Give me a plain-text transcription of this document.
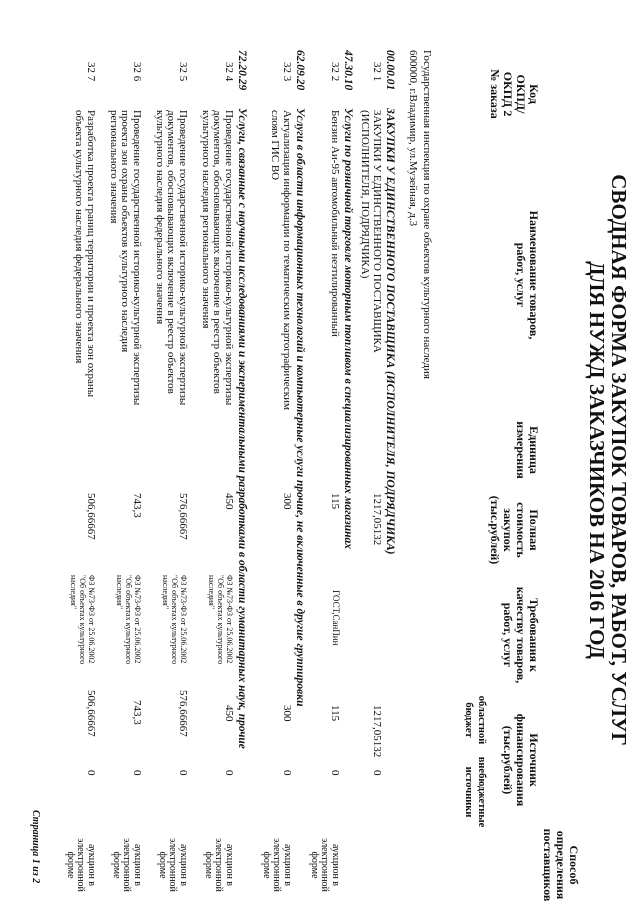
СВОДНАЯ ФОРМА ЗАКУПОК ТОВАРОВ, РАБОТ, УСЛУГ
ДЛЯ НУЖД ЗАКАЗЧИКОВ НА 2016 ГОД
Код
ОКПД/
ОКПД 2
№ заказа
Наименование товаров,
работ, услуг
Единица
измерения
Полная
стоимость
закупок
(тыс.рублей)
Требования к
качеству товаров,
работ, услуг
Источник
финансирования
(тыс.рублей)
областной
бюджет
внебюджетные
источники
Способ
определения
поставщиков
Государственная инспекция по охране объектов культурного наследия
600000, г.Владимир, ул.Музейная, д.3
00.00.01
ЗАКУПКИ У ЕДИНСТВЕННОГО ПОСТАВЩИКА (ИСПОЛНИТЕЛЯ, ПОДРЯДЧИКА)
32 1
ЗАКУПКИ У ЕДИНСТВЕННОГО ПОСТАВЩИКА
(ИСПОЛНИТЕЛЯ, ПОДРЯДЧИКА)
1217,05132
1217,05132
0
47.30.10
Услуги по розничной торговле моторным топливом в специализированных магазинах
32 2
Бензин Аи-95 автомобильный неэтилированный
115
ГОСТ,СанПин
115
0
аукцион в
электронной
форме
62.09.20
Услуги в области информационных технологий и компьютерные услуги прочие, не включенные в другие группировки
32 3
Актуализация информации по тематическим картографическим
слоям ГИС ВО
300
300
0
аукцион в
электронной
форме
72.20.29
Услуги, связанные с научными исследованиями и экспериментальными разработками в области гуманитарных наук, прочие
32 4
Проведение государственной историко-культурной экспертизы
документов, обосновывающих включение в реестр объектов
культурного наследия регионального значения
450
ФЗ №73-ФЗ от 25.06.2002
"Об объектах культурного
наследия"
450
0
аукцион в
электронной
форме
32 5
Проведение государственной историко-культурной экспертизы
документов, обосновывающих включение в реестр объектов
культурного наследия федерального значения
576,66667
ФЗ №73-ФЗ от 25.06.2002
"Об объектах культурного
наследия"
576,66667
0
аукцион в
электронной
форме
32 6
Проведение государственной историко-культурной экспертизы
проекта зон охраны объектов культурного наследия
регионального значения
743,3
ФЗ №73-ФЗ от 25.06.2002
"Об объектах культурного
наследия"
743,3
0
аукцион в
электронной
форме
32 7
Разработка проекта границ территории и проекта зон охраны
объекта культурного наследия федерального значения
506,66667
ФЗ №73-ФЗ от 25.06.2002
"Об объектах культурного
наследия"
506,66667
0
аукцион в
электронной
форме
Страница 1 из 2
